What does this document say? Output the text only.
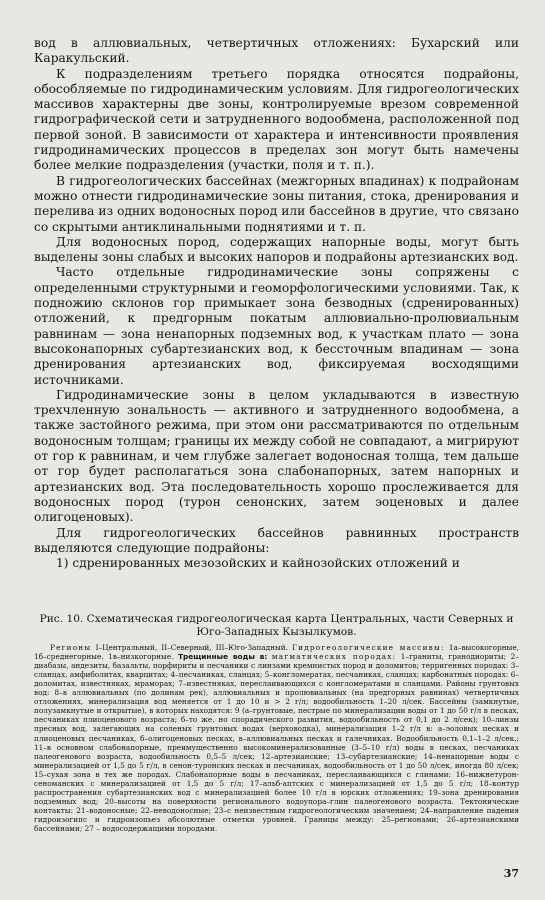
вод в аллювиальных, четвертичных отложениях: Бухарский или Каракульский.

К подразделениям третьего порядка относятся подрайоны, обособляемые по гидродинамическим условиям. Для гидрогеологических массивов характерны две зоны, контролируемые врезом современной гидрографической сети и затрудненного водообмена, расположенной под первой зоной. В зависимости от характера и интенсивности проявления гидродинамических процессов в пределах зон могут быть намечены более мелкие подразделения (участки, поля и т. п.).

В гидрогеологических бассейнах (межгорных впадинах) к подрайонам можно отнести гидродинамические зоны питания, стока, дренирования и перелива из одних водоносных пород или бассейнов в другие, что связано со скрытыми антиклинальными поднятиями и т. п.

Для водоносных пород, содержащих напорные воды, могут быть выделены зоны слабых и высоких напоров и подрайоны артезианских вод.

Часто отдельные гидродинамические зоны сопряжены с определенными структурными и геоморфологическими условиями. Так, к подножию склонов гор примыкает зона безводных (сдренированных) отложений, к предгорным покатым аллювиально-пролювиальным равнинам — зона ненапорных подземных вод, к участкам плато — зона высоконапорных субартезианских вод, к бессточным впадинам — зона дренирования артезианских вод, фиксируемая восходящими источниками.

Гидродинамические зоны в целом укладываются в известную трехчленную зональность — активного и затрудненного водообмена, а также застойного режима, при этом они рассматриваются по отдельным водоносным толщам; границы их между собой не совпадают, а мигрируют от гор к равнинам, и чем глубже залегает водоносная толща, тем дальше от гор будет располагаться зона слабонапорных, затем напорных и артезианских вод. Эта последовательность хорошо прослеживается для водоносных пород (турон сенонских, затем эоценовых и далее олигоценовых).

Для гидрогеологических бассейнов равнинных пространств выделяются следующие подрайоны:

1) сдренированных мезозойских и кайнозойских отложений и

Рис. 10. Схематическая гидрогеологическая карта Центральных, части Северных и Юго-Западных Кызылкумов.
Регионы I–Центральный, II–Северный, III–Юго-Западный. Гидрогеологические массивы: 1а–высокогорные, 1б–среднегорные. 1в–низкогорные. Трещинные воды в: магматических породах: 1–граниты, гранодиориты; 2–диабазы, андезиты, базальты, порфириты и песчаники с линзами кремнистых пород и доломитов; терригенных породах: 3–сланцах, амфиболитах, кварцитах; 4–песчаниках, сланцах; 5–конгломератах, песчаниках, сланцах; карбонатных породах: 6–доломитах, известняках, мраморах; 7–известняках, переслаивающихся с конгломератами и сланцами. Районы грунтовых вод: 8–в аллювиальных (по долинам рек), аллювиальных и пролювиальных (на предгорных равнинах) четвертичных отложениях, минерализация вод меняется от 1 до 10 и > 2 г/л; водообильность 1–20 л/сек. Бассейны (замкнутые, полузамкнутые и открытые), в которых находятся: 9 (а–грунтовые, пестрые по минерализации воды от 1 до 50 г/л в песках, песчаниках плиоценового возраста; б–то же, но спорадического развития, водообильность от 0,1 до 2 л/сек); 10–линзы пресных вод, залегающих на соленых грунтовых водах (верховодка), минерализация 1–2 г/л в: а–эоловых песках и плиоценовых песчаниках, б–олигоценовых песках, в–аллювиальных песках и галечниках. Водообильность 0,1–1–2 л/сек.; 11–в основном слабонапорные, преимущественно высокоминерализованные (3–5–10 г/л) воды в песках, песчаниках палеогенового возраста, водообильность 0,5–5 л/сек; 12–артезианские; 13–субартезианские; 14–ненапорные воды с минерализацией от 1,5 до 5 г/л, в сенон-туронских песках и песчаниках, водообильность от 1 до 50 л/сек, иногда 80 л/сек; 15–сухая зона в тех же породах. Слабонапорные воды в песчаниках, переслаивающихся с глинами: 16–нижнетурон-сеноманских с минерализацией от 1,5 до 5 г/л; 17–альб-аптских с минерализацией от 1,5 до 5 г/л; 18–контур распространения субартезианских вод с минерализацией более 10 г/л в юрских отложениях; 19–зона дренирования подземных вод; 20–высоты на поверхности регионального водоупора–глин палеогенового возраста. Тектонические контакты: 21–водоносные; 22–неводоносные; 23–с неизвестным гидрогеологическим значением; 24–направление падения гидроизогипс и гидроизопьез абсолютные отметки уровней. Границы между: 25–регионами; 26–артезианскими бассейнами; 27 – водосодержащими породами.
37
